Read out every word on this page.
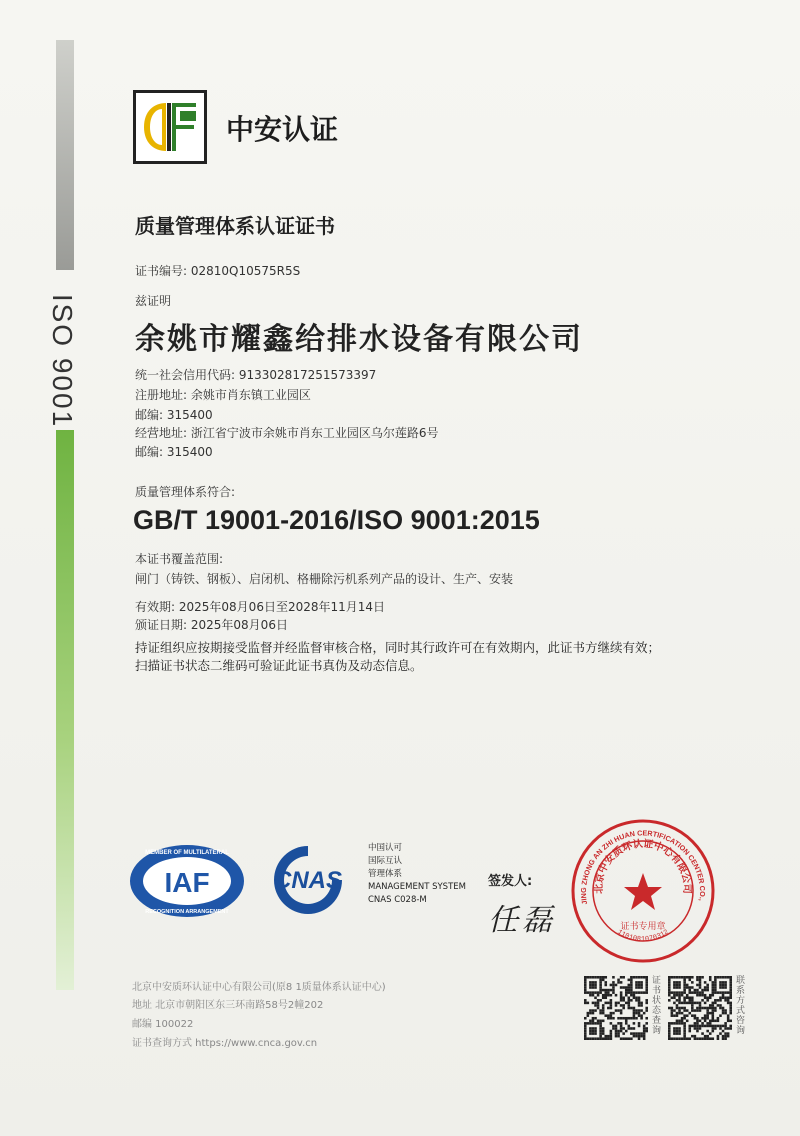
ISO 9001
中安认证
质量管理体系认证证书
证书编号: 02810Q10575R5S
兹证明
余姚市耀鑫给排水设备有限公司
统一社会信用代码: 913302817251573397
注册地址: 余姚市肖东镇工业园区
邮编: 315400
经营地址: 浙江省宁波市余姚市肖东工业园区乌尔莲路6号
邮编: 315400
质量管理体系符合:
GB/T 19001-2016/ISO 9001:2015
本证书覆盖范围:
闸门（铸铁、钢板）、启闭机、格栅除污机系列产品的设计、生产、安装
有效期: 2025年08月06日至2028年11月14日
颁证日期: 2025年08月06日
持证组织应按期接受监督并经监督审核合格，同时其行政许可在有效期内，此证书方继续有效；
扫描证书状态二维码可验证此证书真伪及动态信息。
IAF
MEMBER OF MULTILATERAL
RECOGNITION ARRANGEMENT
CNAS
中国认可
国际互认
管理体系
MANAGEMENT SYSTEM
CNAS C028-M
签发人:
任磊
JING ZHONG AN ZHI HUAN CERTIFICATION CENTER CO.,
北京中安质环认证中心有限公司
证书专用章
1101081070312
北京中安质环认证中心有限公司(原8 1质量体系认证中心)
地址 北京市朝阳区东三环南路58号2幢202
邮编 100022
证书查询方式 https://www.cnca.gov.cn
证书状态查询
联系方式咨询
